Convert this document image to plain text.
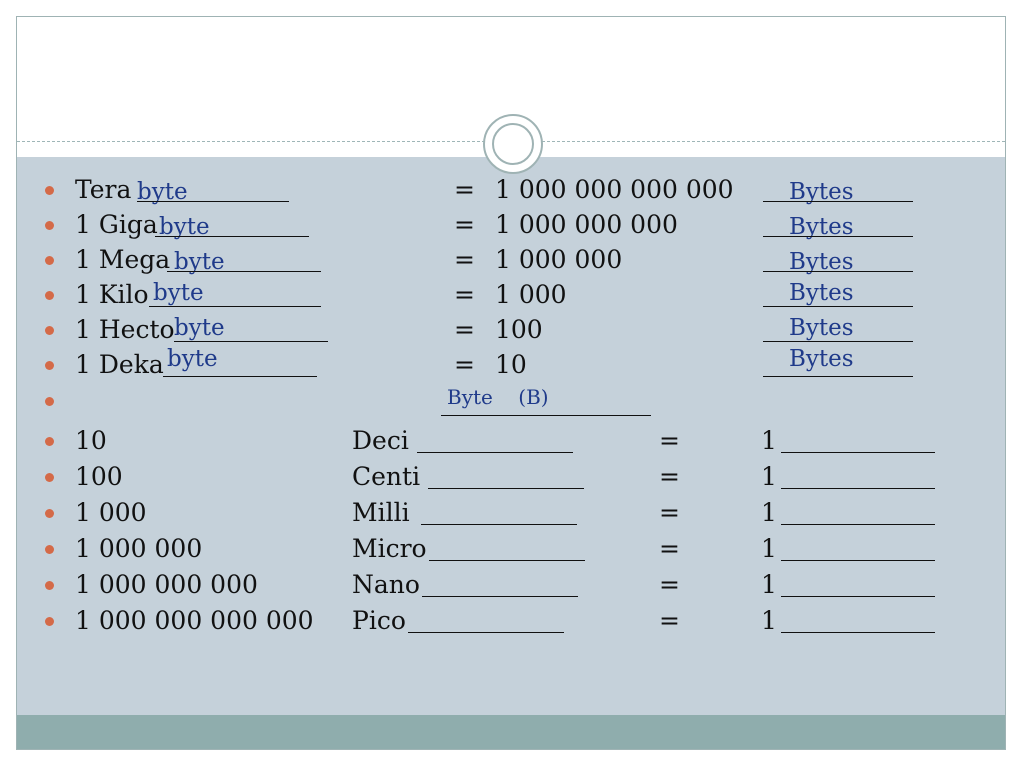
Tera byte	= 1 000 000 000 000 Bytes
1 Giga byte	= 1 000 000 000	Bytes
1 Mega byte	= 1 000 000	Bytes
1 Kilo byte	= 1 000	Bytes
1 Hecto byte	= 100	Bytes
1 Deka byte	= 10	Bytes
Byte    (B)
10	Deci	=	1
100	Centi	=	1
1 000	Milli	=	1
1 000 000	Micro	=	1
1 000 000 000	Nano	=	1
1 000 000 000 000 Pico	=	1
